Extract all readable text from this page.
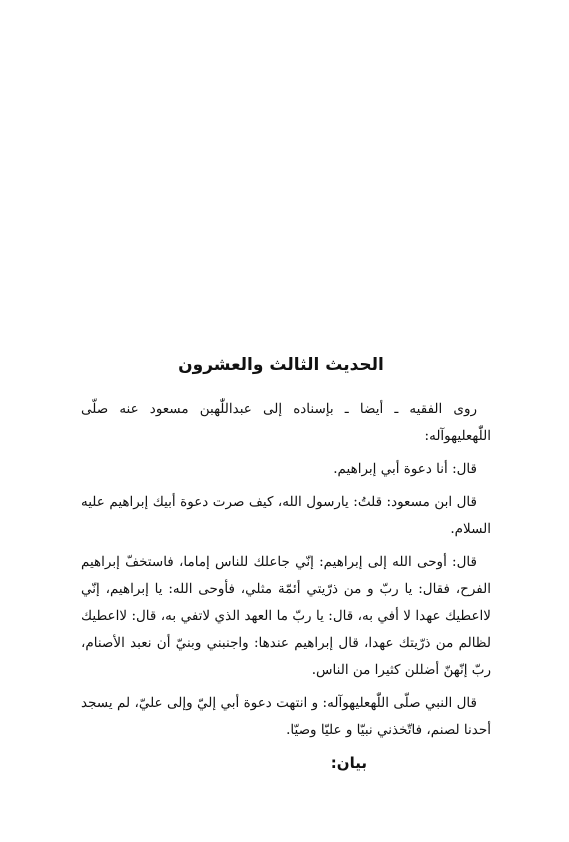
الحديث الثالث والعشرون

روى الفقيه ـ أيضا ـ بإسناده إلى عبداللّٰهبن مسعود عنه صلّى اللّٰهعليهوآله:

قال: أنا دعوة أبي إبراهيم.

قال ابن مسعود: قلتُ: يارسول الله، كيف صرت دعوة أبيك إبراهيم عليه السلام.

قال: أوحى الله إلى إبراهيم: إنّي جاعلك للناس إماما، فاستخفّ إبراهيم الفرح، فقال: يا ربّ و من ذرّيتي أئمّة مثلي، فأوحى الله: يا إبراهيم، إنّي لااعطيك عهدا لا أفي به، قال: يا ربّ ما العهد الذي لاتفي به، قال: لااعطيك لظالم من ذرّيتك عهدا، قال إبراهيم عندها: واجنبني وبنيّ أن نعبد الأصنام، ربّ إنّهنّ أضللن كثيرا من الناس.

قال النبي صلّى اللّٰهعليهوآله: و انتهت دعوة أبي إليّ وإلى عليّ، لم يسجد أحدنا لصنم، فاتّخذني نبيّا و عليّا وصيّا.

بيان:
